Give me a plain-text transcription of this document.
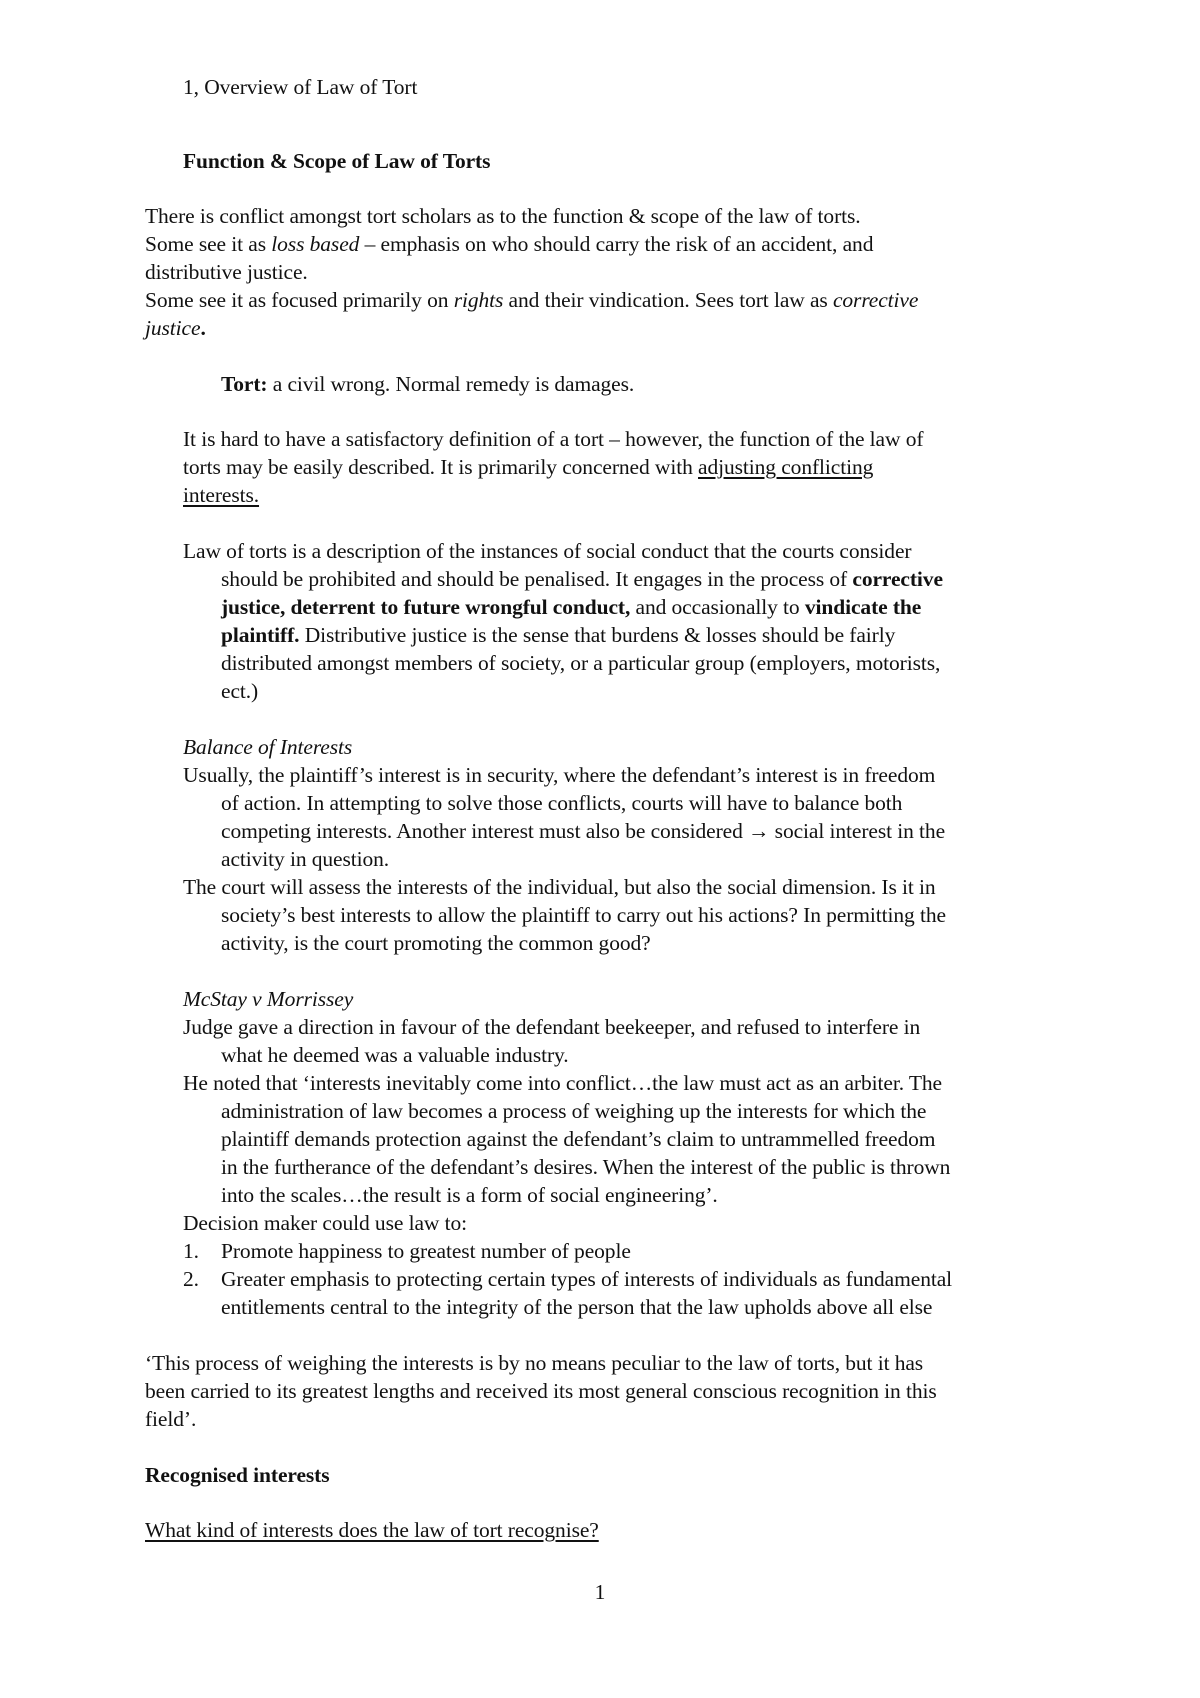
1, Overview of Law of Tort
Function & Scope of Law of Torts
There is conflict amongst tort scholars as to the function & scope of the law of torts.
Some see it as loss based – emphasis on who should carry the risk of an accident, and
distributive justice.
Some see it as focused primarily on rights and their vindication. Sees tort law as corrective
justice.
Tort: a civil wrong. Normal remedy is damages.
It is hard to have a satisfactory definition of a tort – however, the function of the law of
torts may be easily described. It is primarily concerned with adjusting conflicting
interests.
Law of torts is a description of the instances of social conduct that the courts consider
should be prohibited and should be penalised. It engages in the process of corrective
justice, deterrent to future wrongful conduct, and occasionally to vindicate the
plaintiff. Distributive justice is the sense that burdens & losses should be fairly
distributed amongst members of society, or a particular group (employers, motorists,
ect.)
Balance of Interests
Usually, the plaintiff’s interest is in security, where the defendant’s interest is in freedom
of action. In attempting to solve those conflicts, courts will have to balance both
competing interests. Another interest must also be considered → social interest in the
activity in question.
The court will assess the interests of the individual, but also the social dimension. Is it in
society’s best interests to allow the plaintiff to carry out his actions? In permitting the
activity, is the court promoting the common good?
McStay v Morrissey
Judge gave a direction in favour of the defendant beekeeper, and refused to interfere in
what he deemed was a valuable industry.
He noted that ‘interests inevitably come into conflict…the law must act as an arbiter. The
administration of law becomes a process of weighing up the interests for which the
plaintiff demands protection against the defendant’s claim to untrammelled freedom
in the furtherance of the defendant’s desires. When the interest of the public is thrown
into the scales…the result is a form of social engineering’.
Decision maker could use law to:
1. Promote happiness to greatest number of people
2. Greater emphasis to protecting certain types of interests of individuals as fundamental
entitlements central to the integrity of the person that the law upholds above all else
‘This process of weighing the interests is by no means peculiar to the law of torts, but it has
been carried to its greatest lengths and received its most general conscious recognition in this
field’.
Recognised interests
What kind of interests does the law of tort recognise?
1
